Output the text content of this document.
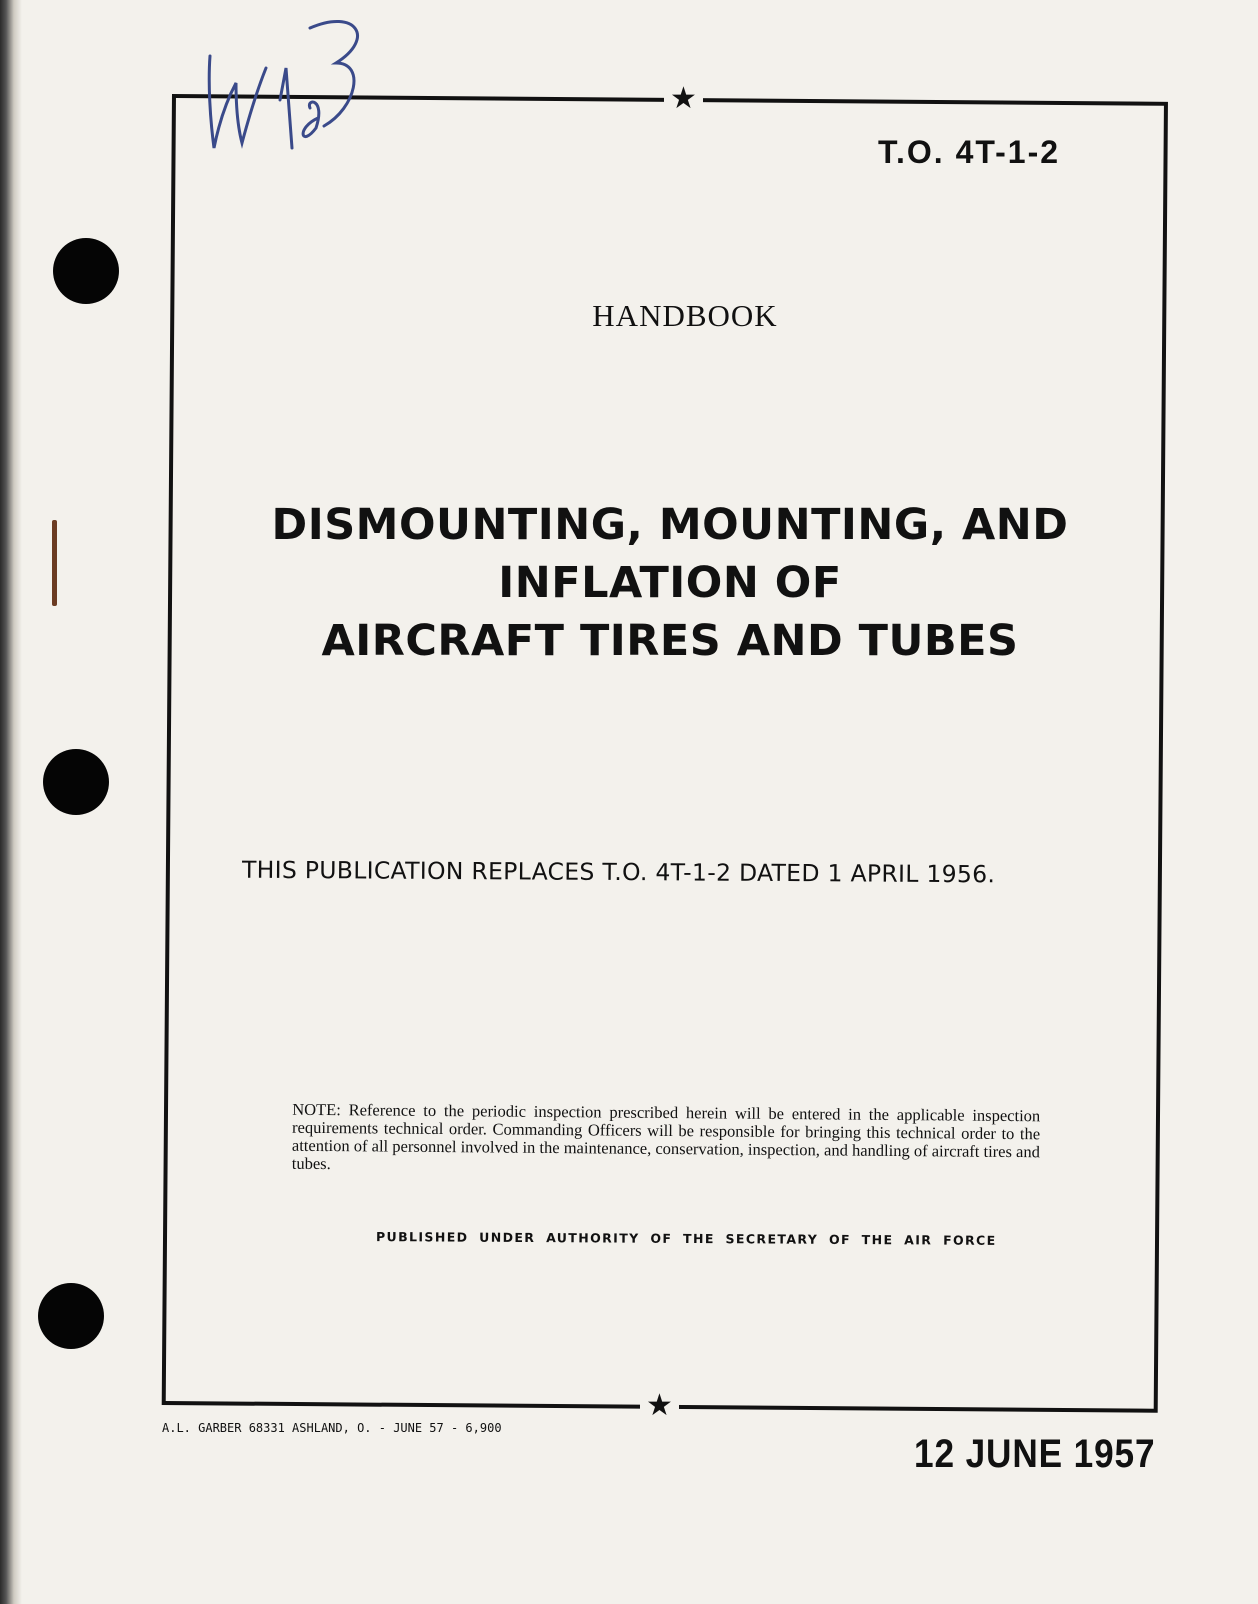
★
★
T.O. 4T-1-2
HANDBOOK
DISMOUNTING, MOUNTING, AND
INFLATION OF
AIRCRAFT TIRES AND TUBES
THIS PUBLICATION REPLACES T.O. 4T-1-2 DATED 1 APRIL 1956.
NOTE: Reference to the periodic inspection prescribed herein will be entered in the applicable inspection requirements technical order. Commanding Officers will be responsible for bringing this technical order to the attention of all personnel involved in the maintenance, conservation, inspection, and handling of aircraft tires and tubes.
PUBLISHED UNDER AUTHORITY OF THE SECRETARY OF THE AIR FORCE
A.L. GARBER 68331 ASHLAND, O. - JUNE 57 - 6,900
12 JUNE 1957
